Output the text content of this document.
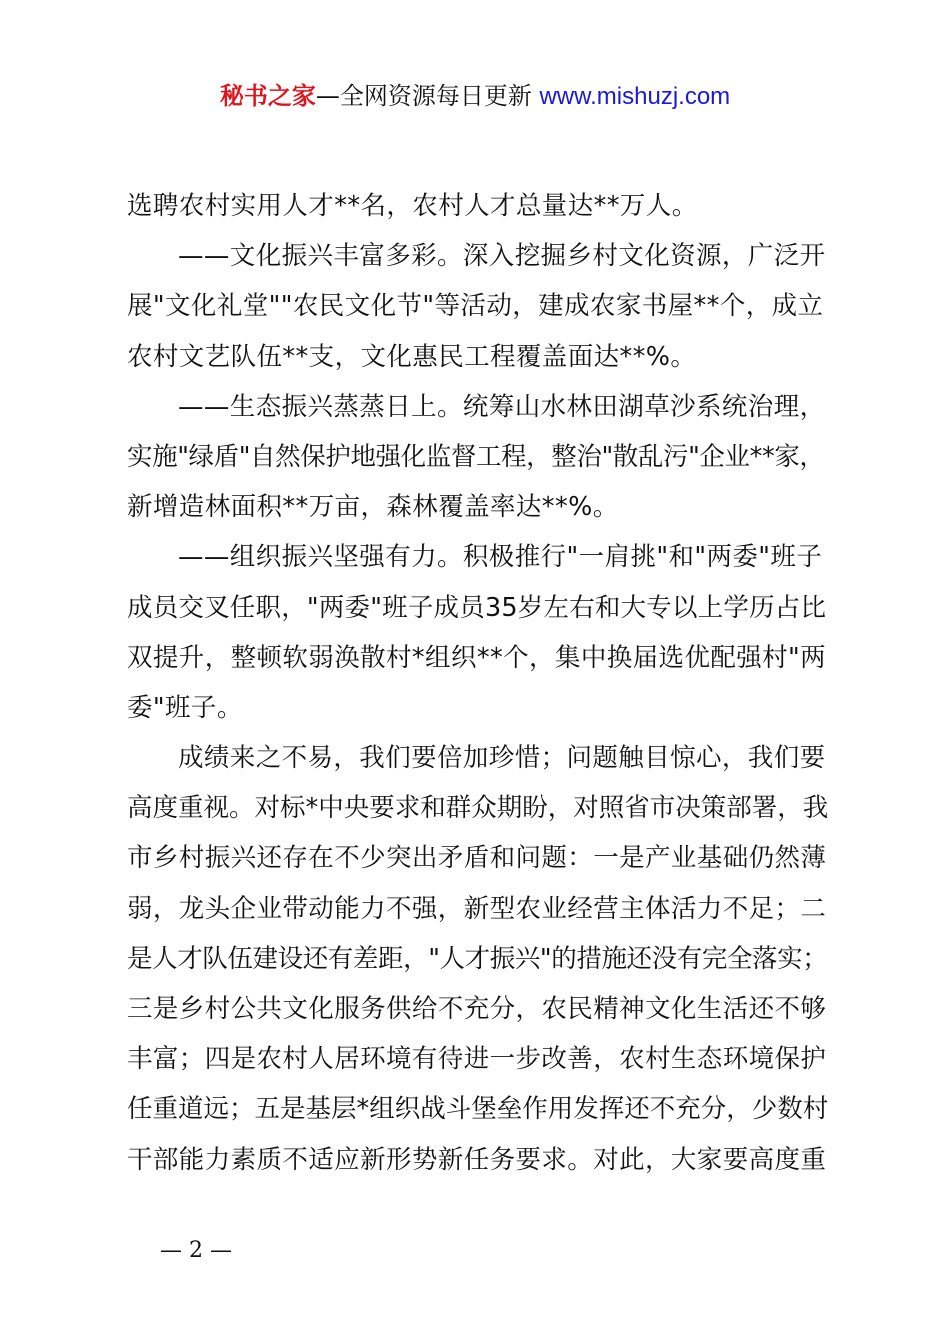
秘书之家—全网资源每日更新 www.mishuzj.com
选聘农村实用人才**名，农村人才总量达**万人。
——文化振兴丰富多彩。深入挖掘乡村文化资源，广泛开
展"文化礼堂""农民文化节"等活动，建成农家书屋**个，成立
农村文艺队伍**支，文化惠民工程覆盖面达**%。
——生态振兴蒸蒸日上。统筹山水林田湖草沙系统治理，
实施"绿盾"自然保护地强化监督工程，整治"散乱污"企业**家，
新增造林面积**万亩，森林覆盖率达**%。
——组织振兴坚强有力。积极推行"一肩挑"和"两委"班子
成员交叉任职，"两委"班子成员35岁左右和大专以上学历占比
双提升，整顿软弱涣散村*组织**个，集中换届选优配强村"两
委"班子。
成绩来之不易，我们要倍加珍惜；问题触目惊心，我们要
高度重视。对标*中央要求和群众期盼，对照省市决策部署，我
市乡村振兴还存在不少突出矛盾和问题：一是产业基础仍然薄
弱，龙头企业带动能力不强，新型农业经营主体活力不足；二
是人才队伍建设还有差距，"人才振兴"的措施还没有完全落实；
三是乡村公共文化服务供给不充分，农民精神文化生活还不够
丰富；四是农村人居环境有待进一步改善，农村生态环境保护
任重道远；五是基层*组织战斗堡垒作用发挥还不充分，少数村
干部能力素质不适应新形势新任务要求。对此，大家要高度重
— 2 —
